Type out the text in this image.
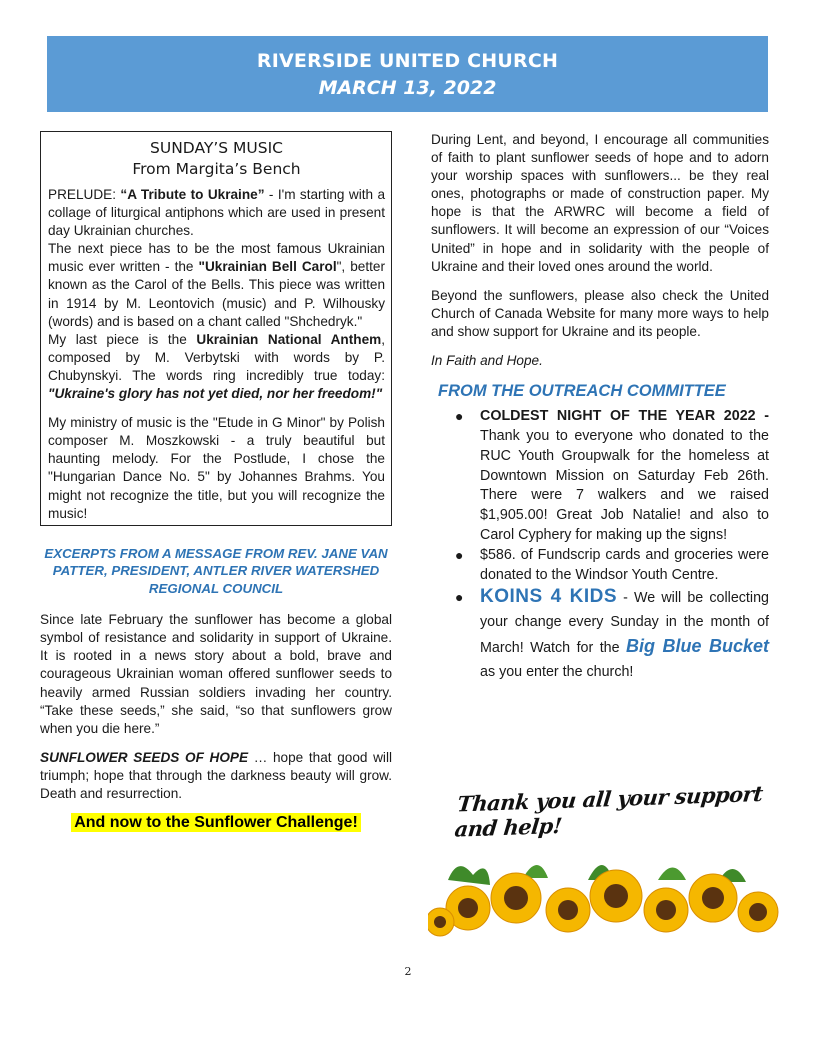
RIVERSIDE UNITED CHURCH
MARCH 13, 2022
SUNDAY’S MUSIC
From Margita’s Bench

PRELUDE: “A Tribute to Ukraine” - I'm starting with a collage of liturgical antiphons which are used in present day Ukrainian churches.

The next piece has to be the most famous Ukrainian music ever written - the "Ukrainian Bell Carol", better known as the Carol of the Bells. This piece was written in 1914 by M. Leontovich (music) and P. Wilhousky (words) and is based on a chant called "Shchedryk."

My last piece is the Ukrainian National Anthem, composed by M. Verbytski with words by P. Chubynskyi. The words ring incredibly true today: "Ukraine's glory has not yet died, nor her freedom!"

My ministry of music is the "Etude in G Minor" by Polish composer M. Moszkowski - a truly beautiful but haunting melody. For the Postlude, I chose the "Hungarian Dance No. 5" by Johannes Brahms. You might not recognize the title, but you will recognize the music!

EXCERPTS FROM A MESSAGE FROM REV. JANE VAN PATTER, PRESIDENT, ANTLER RIVER WATERSHED REGIONAL COUNCIL

Since late February the sunflower has become a global symbol of resistance and solidarity in support of Ukraine. It is rooted in a news story about a bold, brave and courageous Ukrainian woman offered sunflower seeds to heavily armed Russian soldiers invading her country. “Take these seeds,” she said, “so that sunflowers grow when you die here.”

SUNFLOWER SEEDS OF HOPE … hope that good will triumph; hope that through the darkness beauty will grow. Death and resurrection.

And now to the Sunflower Challenge!

During Lent, and beyond, I encourage all communities of faith to plant sunflower seeds of hope and to adorn your worship spaces with sunflowers... be they real ones, photographs or made of construction paper. My hope is that the ARWRC will become a field of sunflowers. It will become an expression of our “Voices United” in hope and in solidarity with the people of Ukraine and their loved ones around the world.

Beyond the sunflowers, please also check the United Church of Canada Website for many more ways to help and show support for Ukraine and its people.

In Faith and Hope.

FROM THE OUTREACH COMMITTEE
● COLDEST NIGHT OF THE YEAR 2022 - Thank you to everyone who donated to the RUC Youth Groupwalk for the homeless at Downtown Mission on Saturday Feb 26th. There were 7 walkers and we raised $1,905.00! Great Job Natalie! and also to Carol Cyphery for making up the signs!
● $586. of Fundscrip cards and groceries were donated to the Windsor Youth Centre.
● KOINS 4 KIDS - We will be collecting your change every Sunday in the month of March! Watch for the Big Blue Bucket as you enter the church!
Thank you all your support and help!
2
